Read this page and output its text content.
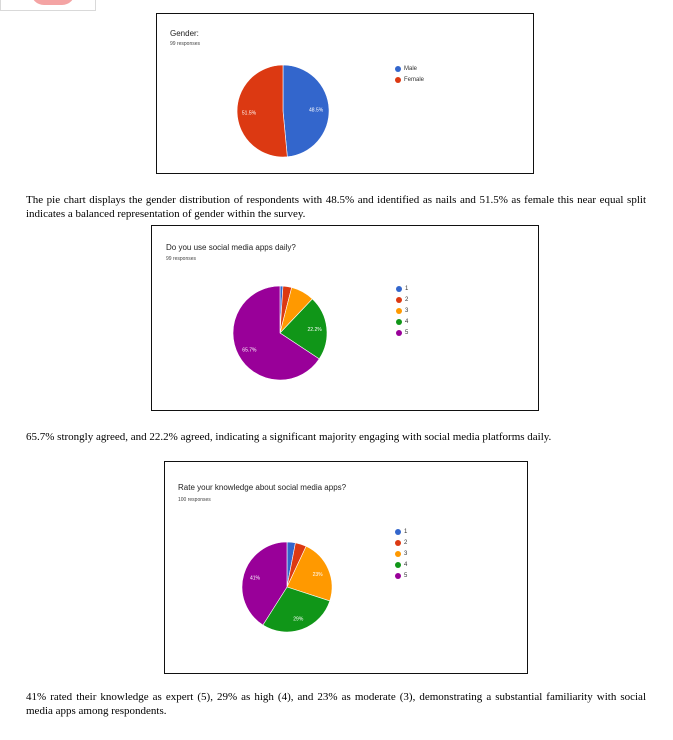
Gender:
99 responses
48.5%
51.5%
Male
Female
The pie chart displays the gender distribution of respondents with 48.5% and identified as nails and 51.5% as female this near equal split indicates a balanced representation of gender within the survey.
Do you use social media apps daily?
99 responses
22.2%
65.7%
1
2
3
4
5
65.7% strongly agreed, and 22.2% agreed, indicating a significant majority engaging with social media platforms daily.
Rate your knowledge about social media apps?
100 responses
23%
29%
41%
1
2
3
4
5
41% rated their knowledge as expert (5), 29% as high (4), and 23% as moderate (3), demonstrating a substantial familiarity with social media apps among respondents.
